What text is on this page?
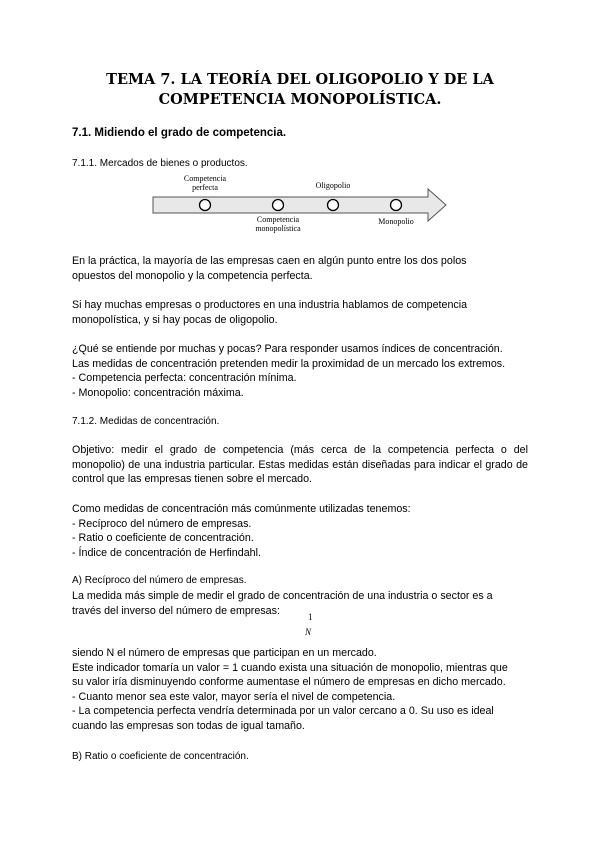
TEMA 7. LA TEORÍA DEL OLIGOPOLIO Y DE LA
COMPETENCIA MONOPOLÍSTICA.
7.1. Midiendo el grado de competencia.
7.1.1. Mercados de bienes o productos.
Competencia
perfecta	Oligopolio
Competencia
monopolística
Monopolio
En la práctica, la mayoría de las empresas caen en algún punto entre los dos polos
opuestos del monopolio y la competencia perfecta.
Si hay muchas empresas o productores en una industria hablamos de competencia
monopolística, y si hay pocas de oligopolio.
¿Qué se entiende por muchas y pocas? Para responder usamos índices de concentración.
Las medidas de concentración pretenden medir la proximidad de un mercado los extremos.
- Competencia perfecta: concentración mínima.
- Monopolio: concentración máxima.
7.1.2. Medidas de concentración.
Objetivo: medir el grado de competencia (más cerca de la competencia perfecta o del monopolio) de una industria particular. Estas medidas están diseñadas para indicar el grado de control que las empresas tienen sobre el mercado.
Como medidas de concentración más comúnmente utilizadas tenemos:
- Recíproco del número de empresas.
- Ratio o coeficiente de concentración.
- Índice de concentración de Herfindahl.
A) Recíproco del número de empresas.
La medida más simple de medir el grado de concentración de una industria o sector es a
través del inverso del número de empresas:
1
N
siendo N el número de empresas que participan en un mercado.
Este indicador tomaría un valor = 1 cuando exista una situación de monopolio, mientras que
su valor iría disminuyendo conforme aumentase el número de empresas en dicho mercado.
- Cuanto menor sea este valor, mayor sería el nivel de competencia.
- La competencia perfecta vendría determinada por un valor cercano a 0. Su uso es ideal
cuando las empresas son todas de igual tamaño.
B) Ratio o coeficiente de concentración.
